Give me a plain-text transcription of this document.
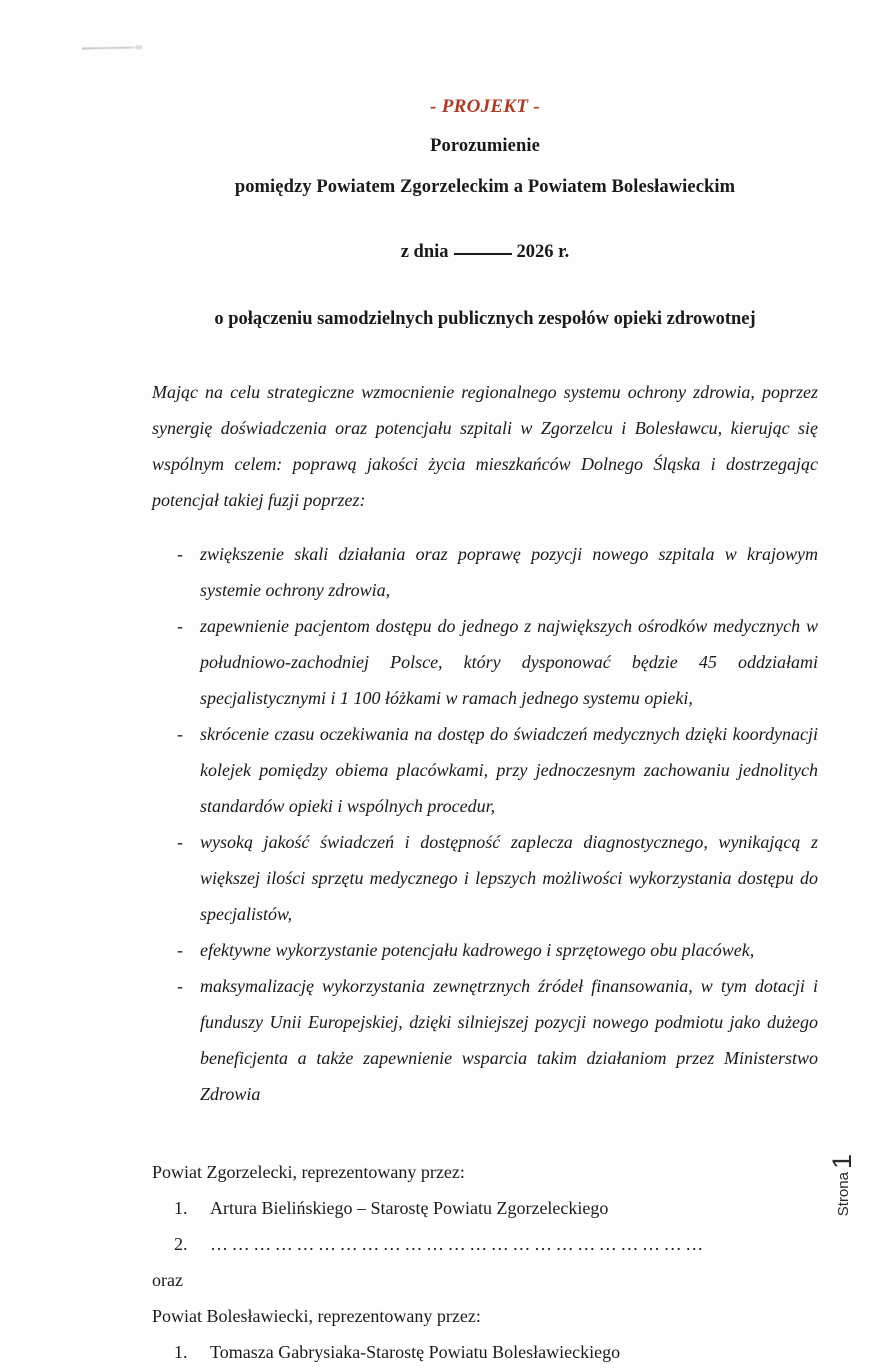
- PROJEKT -
Porozumienie
pomiędzy Powiatem Zgorzeleckim a Powiatem Bolesławieckim
z dnia	2026 r.
o połączeniu samodzielnych publicznych zespołów opieki zdrowotnej

Mając na celu strategiczne wzmocnienie regionalnego systemu ochrony zdrowia, poprzez synergię doświadczenia oraz potencjału szpitali w Zgorzelcu i Bolesławcu, kierując się wspólnym celem: poprawą jakości życia mieszkańców Dolnego Śląska i dostrzegając potencjał takiej fuzji poprzez:

- zwiększenie skali działania oraz poprawę pozycji nowego szpitala w krajowym systemie ochrony zdrowia,
- zapewnienie pacjentom dostępu do jednego z największych ośrodków medycznych w południowo-zachodniej Polsce, który dysponować będzie 45 oddziałami specjalistycznymi i 1 100 łóżkami w ramach jednego systemu opieki,
- skrócenie czasu oczekiwania na dostęp do świadczeń medycznych dzięki koordynacji kolejek pomiędzy obiema placówkami, przy jednoczesnym zachowaniu jednolitych standardów opieki i wspólnych procedur,
- wysoką jakość świadczeń i dostępność zaplecza diagnostycznego, wynikającą z większej ilości sprzętu medycznego i lepszych możliwości wykorzystania dostępu do specjalistów,
- efektywne wykorzystanie potencjału kadrowego i sprzętowego obu placówek,
- maksymalizację wykorzystania zewnętrznych źródeł finansowania, w tym dotacji i funduszy Unii Europejskiej, dzięki silniejszej pozycji nowego podmiotu jako dużego beneficjenta a także zapewnienie wsparcia takim działaniom przez Ministerstwo Zdrowia
Powiat Zgorzelecki, reprezentowany przez:
1. Artura Bielińskiego – Starostę Powiatu Zgorzeleckiego
2. ……………………………………………………………
oraz
Powiat Bolesławiecki, reprezentowany przez:
1. Tomasza Gabrysiaka-Starostę Powiatu Bolesławieckiego
Strona1
